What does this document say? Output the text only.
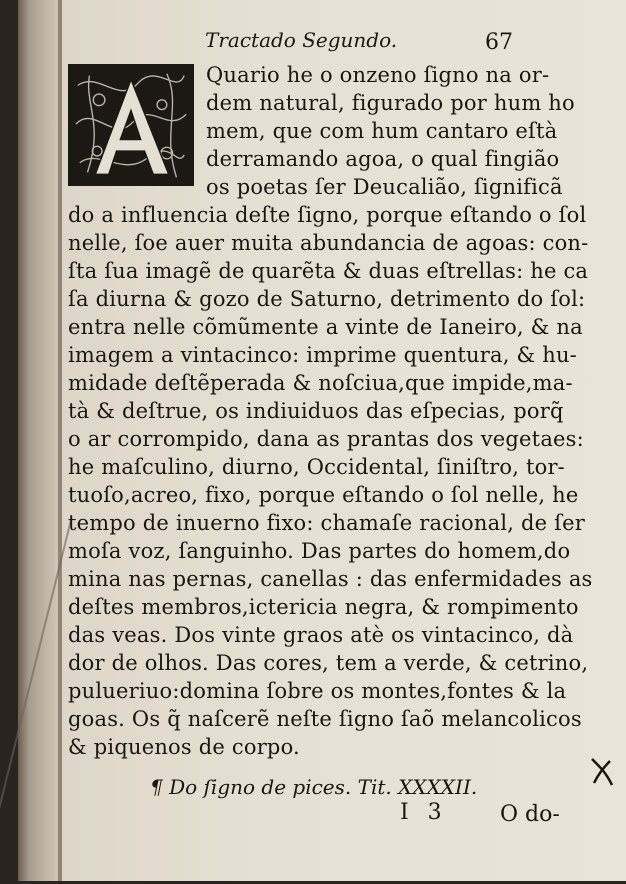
Tractado Segundo.	67
Quario he o onzeno ſigno na or-
dem natural, figurado por hum ho
mem, que com hum cantaro eſtà
derramando agoa, o qual fingião
os poetas ſer Deucalião, ſignificã
do a influencia deſte ſigno, porque eſtando o ſol
nelle, ſoe auer muita abundancia de agoas: con-
ſta ſua imagẽ de quarẽta & duas eſtrellas: he ca
ſa diurna & gozo de Saturno, detrimento do ſol:
entra nelle cõmũmente a vinte de Ianeiro, & na
imagem a vintacinco: imprime quentura, & hu-
midade deſtẽperada & noſciua,que impide,ma-
tà & deſtrue, os indiuiduos das eſpecias, porq̃
o ar corrompido, dana as prantas dos vegetaes:
he maſculino, diurno, Occidental, ſiniſtro, tor-
tuoſo,acreo, fixo, porque eſtando o ſol nelle, he
tempo de inuerno fixo: chamaſe racional, de ſer
moſa voz, ſanguinho. Das partes do homem,do
mina nas pernas, canellas : das enfermidades as
deſtes membros,ictericia negra, & rompimento
das veas. Dos vinte graos atè os vintacinco, dà
dor de olhos. Das cores, tem a verde, & cetrino,
pulueriuo:domina ſobre os montes,fontes & la
goas. Os q̃ naſcerẽ neſte ſigno ſaõ melancolicos
& piquenos de corpo.
¶ Do ſigno de pices. Tit. XXXXII.
I 3 O do-
